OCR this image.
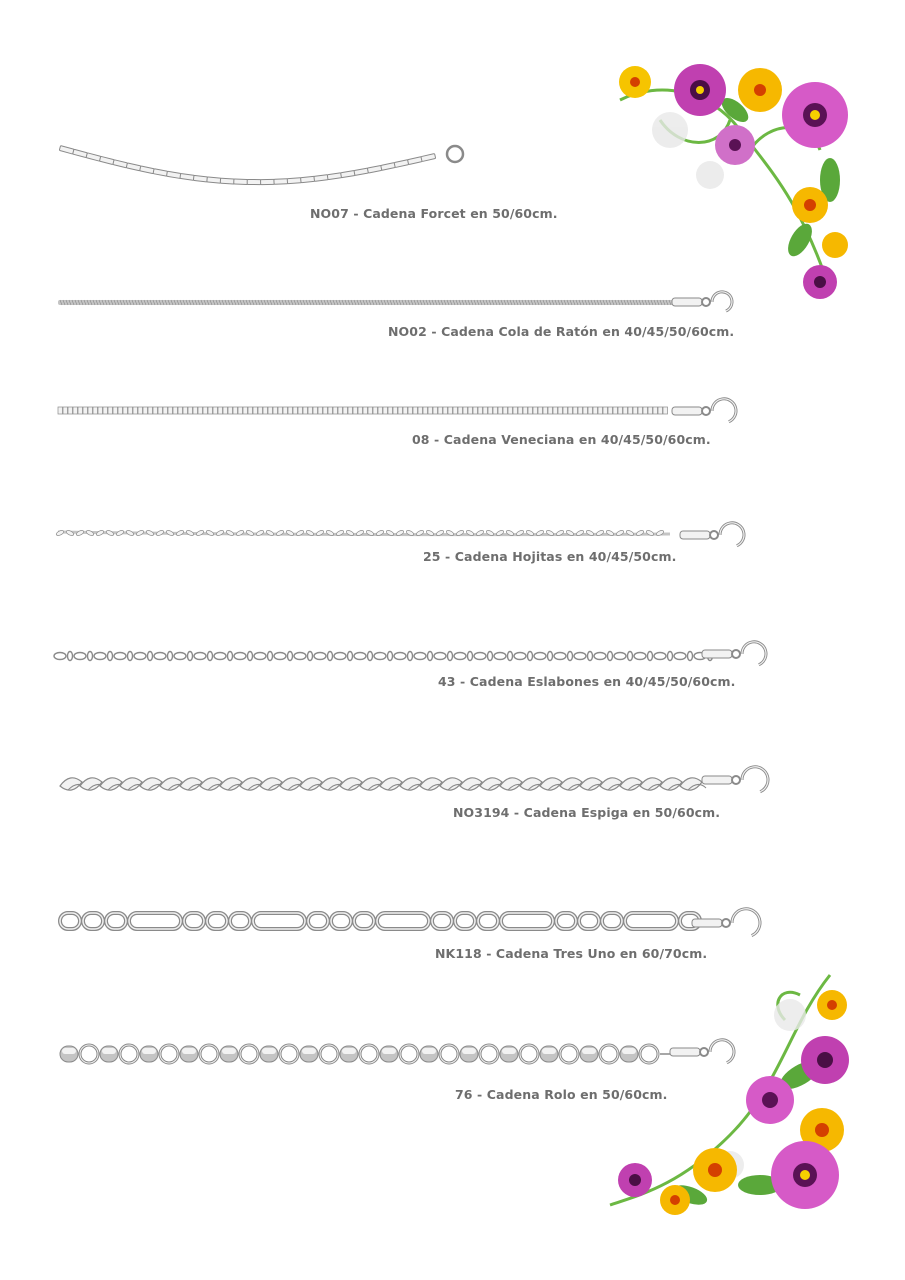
NO07 - Cadena Forcet en 50/60cm.
NO02 - Cadena Cola de Ratón en 40/45/50/60cm.
08 - Cadena Veneciana en 40/45/50/60cm.
25 - Cadena Hojitas en 40/45/50cm.
43 - Cadena Eslabones en 40/45/50/60cm.
NO3194 - Cadena Espiga en 50/60cm.
NK118 - Cadena Tres Uno en 60/70cm.
76 - Cadena Rolo en 50/60cm.
